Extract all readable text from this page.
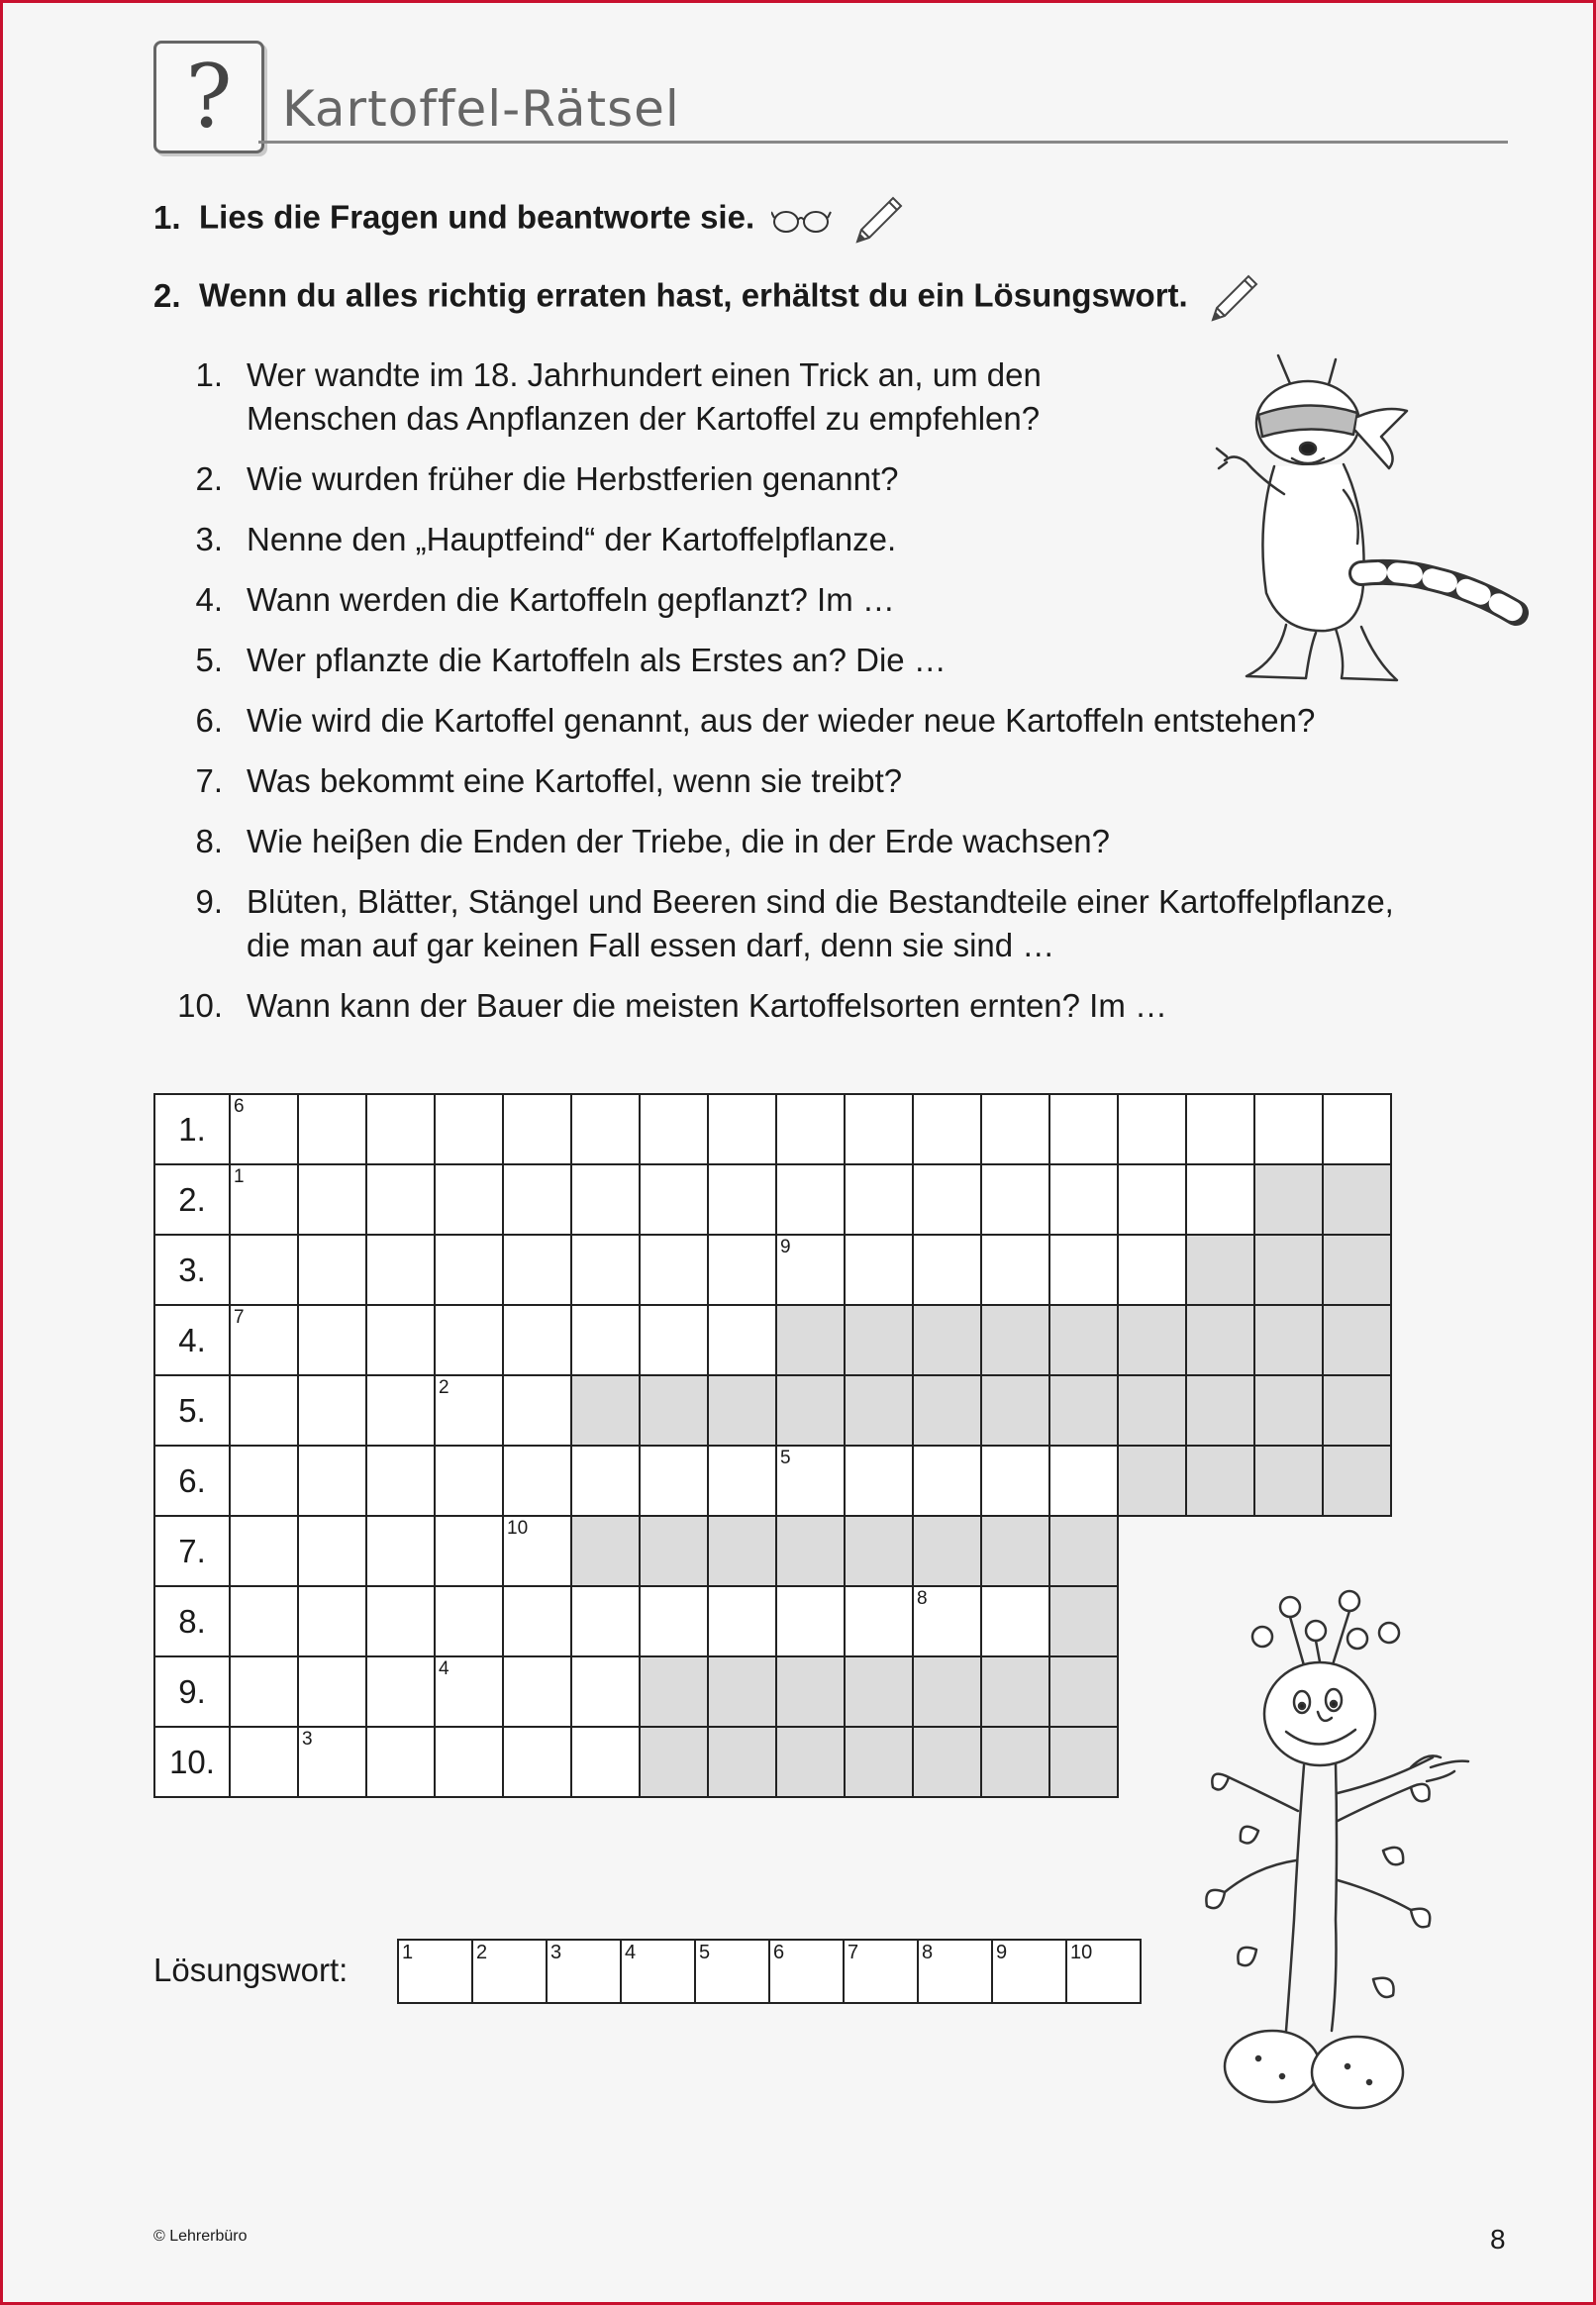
?	Kartoffel-Rätsel
1. Lies die Fragen und beantworte sie.
2. Wenn du alles richtig erraten hast, erhältst du ein Lösungswort.
1. Wer wandte im 18. Jahrhundert einen Trick an, um den
Menschen das Anpflanzen der Kartoffel zu empfehlen?
2. Wie wurden früher die Herbstferien genannt?
3. Nenne den „Hauptfeind“ der Kartoffelpflanze.
4. Wann werden die Kartoffeln gepflanzt? Im …
5. Wer pflanzte die Kartoffeln als Erstes an? Die …
6. Wie wird die Kartoffel genannt, aus der wieder neue Kartoffeln entstehen?
7. Was bekommt eine Kartoffel, wenn sie treibt?
8. Wie heiβen die Enden der Triebe, die in der Erde wachsen?
9. Blüten, Blätter, Stängel und Beeren sind die Bestandteile einer Kartoffelpflanze,
die man auf gar keinen Fall essen darf, denn sie sind …
10. Wann kann der Bauer die meisten Kartoffelsorten ernten? Im …
1.	6																

2.	1																

3.									9								

4.	7																

5.				2													

6.									5								

7.					10												

8.											8						

9.				4													

10.		3															

Lösungswort:	1	2	3	4	5	6	7	8	9	10
© Lehrerbüro	8
